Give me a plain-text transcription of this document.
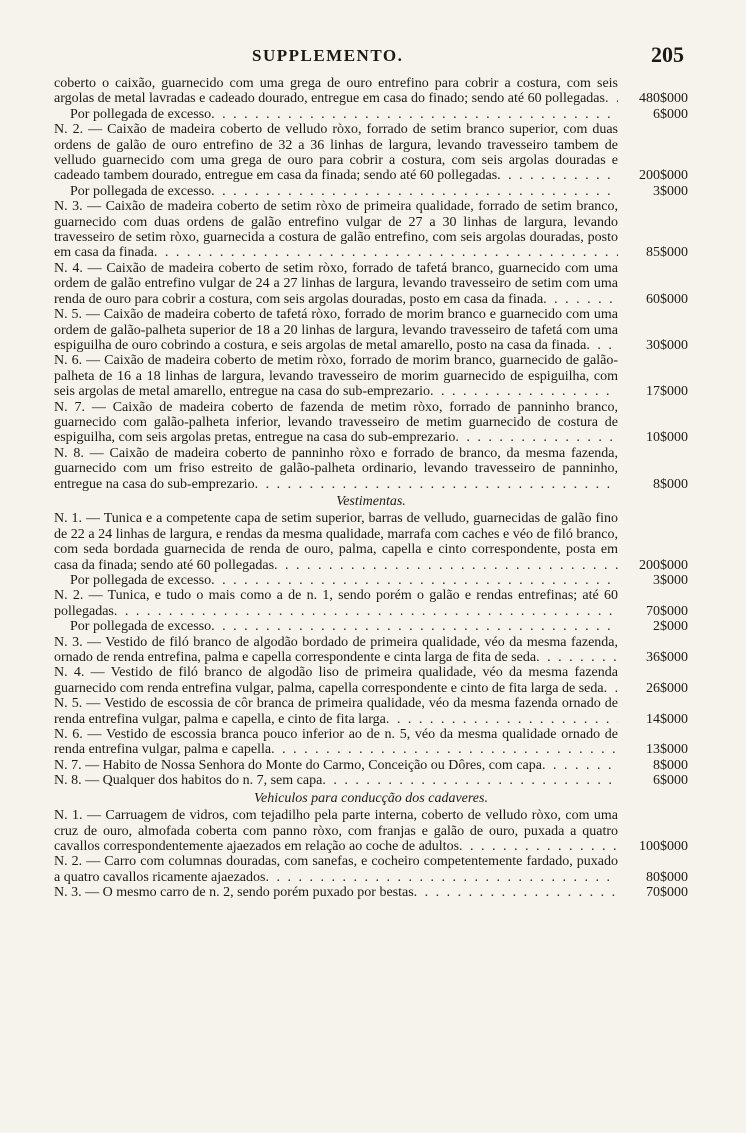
SUPPLEMENTO.	205
coberto o caixão, guarnecido com uma grega de ouro entrefino para cobrir a costura, com seis argolas de metal lavradas e cadeado dourado, entregue em casa do finado; sendo até 60 pollegadas . . .	480$000
Por pollegada de excesso . . .	6$000
N. 2. — Caixão de madeira coberto de velludo ròxo, forrado de setim branco superior, com duas ordens de galão de ouro entrefino de 32 a 36 linhas de largura, levando travesseiro tambem de velludo guarnecido com uma grega de ouro para cobrir a costura, com seis argolas douradas e cadeado tambem dourado, entregue em casa da finada; sendo até 60 pollegadas . . .	200$000
Por pollegada de excesso . . .	3$000
N. 3. — Caixão de madeira coberto de setim ròxo de primeira qualidade, forrado de setim branco, guarnecido com duas ordens de galão entrefino vulgar de 27 a 30 linhas de largura, levando travesseiro de setim ròxo, guarnecida a costura de galão entrefino, com seis argolas douradas, posto em casa da finada . . .	85$000
N. 4. — Caixão de madeira coberto de setim ròxo, forrado de tafetá branco, guarnecido com uma ordem de galão entrefino vulgar de 24 a 27 linhas de largura, levando travesseiro de setim com uma renda de ouro para cobrir a costura, com seis argolas douradas, posto em casa da finada . . .	60$000
N. 5. — Caixão de madeira coberto de tafetá ròxo, forrado de morim branco e guarnecido com uma ordem de galão-palheta superior de 18 a 20 linhas de largura, levando travesseiro de tafetá com uma espiguilha de ouro cobrindo a costura, e seis argolas de metal amarello, posto na casa da finada . . .	30$000
N. 6. — Caixão de madeira coberto de metim ròxo, forrado de morim branco, guarnecido de galão-palheta de 16 a 18 linhas de largura, levando travesseiro de morim guarnecido de espiguilha, com seis argolas de metal amarello, entregue na casa do sub-emprezario . . .	17$000
N. 7. — Caixão de madeira coberto de fazenda de metim ròxo, forrado de panninho branco, guarnecido com galão-palheta inferior, levando travesseiro de metim guarnecido de costura de espiguilha, com seis argolas pretas, entregue na casa do sub-emprezario . . .	10$000
N. 8. — Caixão de madeira coberto de panninho ròxo e forrado de branco, da mesma fazenda, guarnecido com um friso estreito de galão-palheta ordinario, levando travesseiro de panninho, entregue na casa do sub-emprezario . . .	8$000
Vestimentas.
N. 1. — Tunica e a competente capa de setim superior, barras de velludo, guarnecidas de galão fino de 22 a 24 linhas de largura, e rendas da mesma qualidade, marrafa com caches e véo de filó branco, com seda bordada guarnecida de renda de ouro, palma, capella e cinto correspondente, posta em casa da finada; sendo até 60 pollegadas . . .	200$000
Por pollegada de excesso . . .	3$000
N. 2. — Tunica, e tudo o mais como a de n. 1, sendo porém o galão e rendas entrefinas; até 60 pollegadas . . .	70$000
Por pollegada de excesso . . .	2$000
N. 3. — Vestido de filó branco de algodão bordado de primeira qualidade, véo da mesma fazenda, ornado de renda entrefina, palma e capella correspondente e cinta larga de fita de seda . . .	36$000
N. 4. — Vestido de filó branco de algodão liso de primeira qualidade, véo da mesma fazenda guarnecido com renda entrefina vulgar, palma, capella correspondente e cinto de fita larga de seda . . .	26$000
N. 5. — Vestido de escossia de côr branca de primeira qualidade, véo da mesma fazenda ornado de renda entrefina vulgar, palma e capella, e cinto de fita larga . . .	14$000
N. 6. — Vestido de escossia branca pouco inferior ao de n. 5, véo da mesma qualidade ornado de renda entrefina vulgar, palma e capella . . .	13$000
N. 7. — Habito de Nossa Senhora do Monte do Carmo, Conceição ou Dôres, com capa . . .	8$000
N. 8. — Qualquer dos habitos do n. 7, sem capa . . .	6$000
Vehiculos para conducção dos cadaveres.
N. 1. — Carruagem de vidros, com tejadilho pela parte interna, coberto de velludo ròxo, com uma cruz de ouro, almofada coberta com panno ròxo, com franjas e galão de ouro, puxada a quatro cavallos correspondentemente ajaezados em relação ao coche de adultos . . .	100$000
N. 2. — Carro com columnas douradas, com sanefas, e cocheiro competentemente fardado, puxado a quatro cavallos ricamente ajaezados . . .	80$000
N. 3. — O mesmo carro de n. 2, sendo porém puxado por bestas . . .	70$000
